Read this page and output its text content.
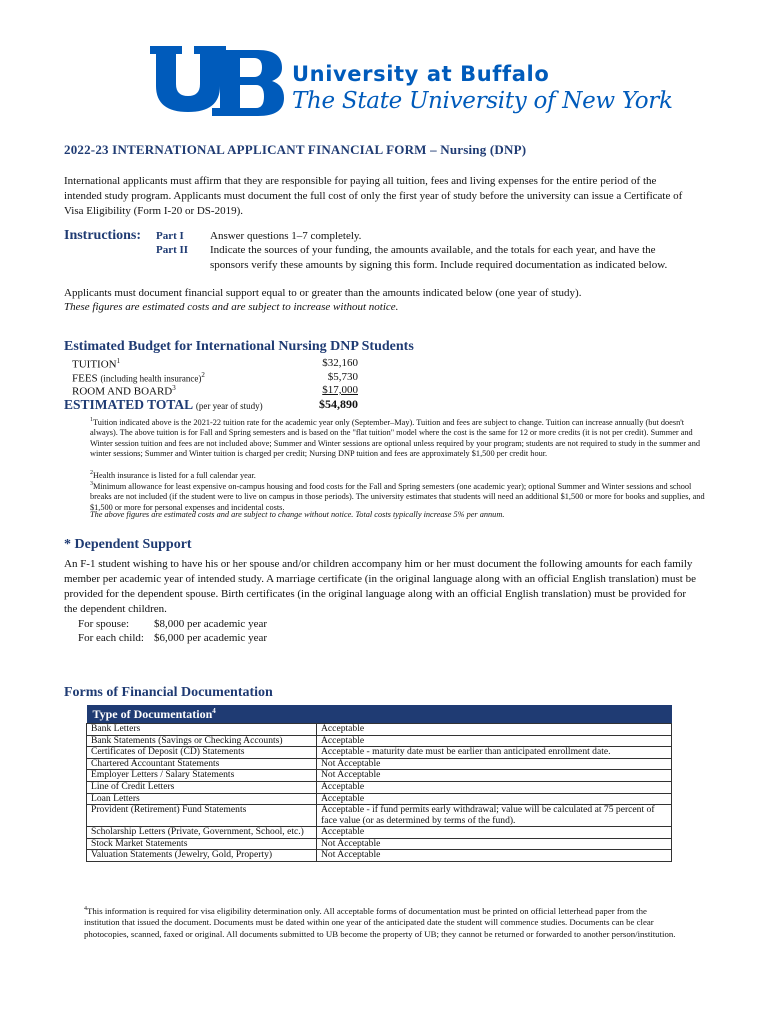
University at Buffalo
The State University of New York
2022-23 INTERNATIONAL APPLICANT FINANCIAL FORM – Nursing (DNP)
International applicants must affirm that they are responsible for paying all tuition, fees and living expenses for the entire period of the intended study program. Applicants must document the full cost of only the first year of study before the university can issue a Certificate of Visa Eligibility (Form I-20 or DS-2019).
Instructions: Part I Answer questions 1–7 completely.
Part II Indicate the sources of your funding, the amounts available, and the totals for each year, and have the sponsors verify these amounts by signing this form. Include required documentation as indicated below.
Applicants must document financial support equal to or greater than the amounts indicated below (one year of study).
These figures are estimated costs and are subject to increase without notice.
Estimated Budget for International Nursing DNP Students
TUITION$^1$	$32,160
FEES (including health insurance)$^2$	$5,730
ROOM AND BOARD$^3$	$17,000
ESTIMATED TOTAL (per year of study)	$54,890
$^1$Tuition indicated above is the 2021-22 tuition rate for the academic year only (September–May). Tuition and fees are subject to change. Tuition can increase annually (but doesn't always). The above tuition is for Fall and Spring semesters and is based on the "flat tuition" model where the cost is the same for 12 or more credits (it is not per credit). Summer and Winter session tuition and fees are not included above; Summer and Winter sessions are optional unless required by your program; students are not required to study in the summer and winter sessions; Summer and Winter tuition is charged per credit; Nursing DNP tuition and fees are approximately $1,500 per credit hour.
$^2$Health insurance is listed for a full calendar year.
$^3$Minimum allowance for least expensive on-campus housing and food costs for the Fall and Spring semesters (one academic year); optional Summer and Winter sessions and school breaks are not included (if the student were to live on campus in those periods). The university estimates that students will need an additional $1,500 or more for books and supplies, and $1,500 or more for personal expenses and incidental costs.
The above figures are estimated costs and are subject to change without notice. Total costs typically increase 5% per annum.
* Dependent Support
An F-1 student wishing to have his or her spouse and/or children accompany him or her must document the following amounts for each family member per academic year of intended study. A marriage certificate (in the original language along with an official English translation) must be provided for the dependent spouse. Birth certificates (in the original language along with an official English translation) must be provided for the dependent children.
For spouse: $8,000 per academic year
For each child: $6,000 per academic year
Forms of Financial Documentation
Type of Documentation$^4$
Bank Letters	Acceptable
Bank Statements (Savings or Checking Accounts)	Acceptable
Certificates of Deposit (CD) Statements	Acceptable - maturity date must be earlier than anticipated enrollment date.
Chartered Accountant Statements	Not Acceptable
Employer Letters / Salary Statements	Not Acceptable
Line of Credit Letters	Acceptable
Loan Letters	Acceptable
Provident (Retirement) Fund Statements	Acceptable - if fund permits early withdrawal; value will be calculated at 75 percent of face value (or as determined by terms of the fund).
Scholarship Letters (Private, Government, School, etc.)	Acceptable
Stock Market Statements	Not Acceptable
Valuation Statements (Jewelry, Gold, Property)	Not Acceptable
$^4$This information is required for visa eligibility determination only. All acceptable forms of documentation must be printed on official letterhead paper from the institution that issued the document. Documents must be dated within one year of the anticipated date the student will commence studies. Documents can be clear photocopies, scanned, faxed or original. All documents submitted to UB become the property of UB; they cannot be returned or forwarded to another person/institution.
